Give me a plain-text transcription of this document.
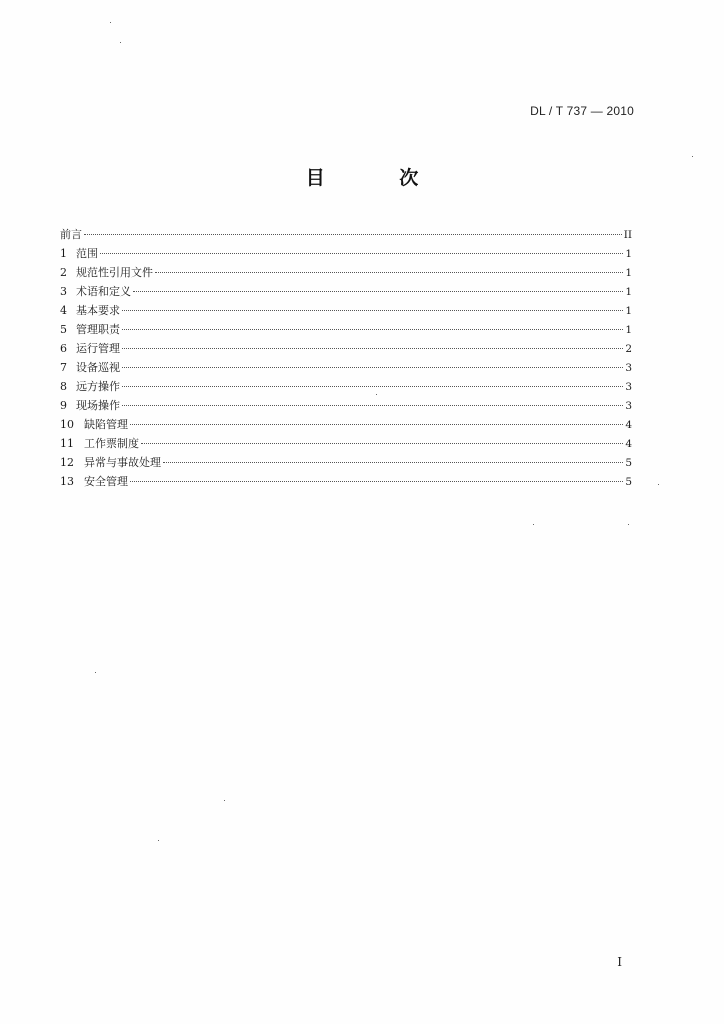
DL / T 737 — 2010
目 次
前言	II
1 范围	1
2 规范性引用文件	1
3 术语和定义	1
4 基本要求	1
5 管理职责	1
6 运行管理	2
7 设备巡视	3
8 远方操作	3
9 现场操作	3
10 缺陷管理	4
11 工作票制度	4
12 异常与事故处理	5
13 安全管理	5
I
